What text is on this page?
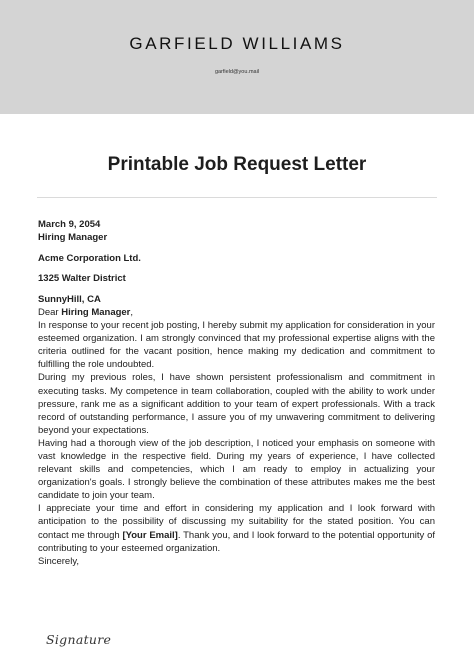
GARFIELD WILLIAMS
garfield@you.mail
Printable Job Request Letter

March 9, 2054

Hiring Manager

Acme Corporation Ltd.

1325 Walter District

SunnyHill, CA

Dear Hiring Manager,

In response to your recent job posting, I hereby submit my application for consideration in your esteemed organization. I am strongly convinced that my professional expertise aligns with the criteria outlined for the vacant position, hence making my dedication and commitment to fulfilling the role undoubted.

During my previous roles, I have shown persistent professionalism and commitment in executing tasks. My competence in team collaboration, coupled with the ability to work under pressure, rank me as a significant addition to your team of expert professionals. With a track record of outstanding performance, I assure you of my unwavering commitment to delivering beyond your expectations.

Having had a thorough view of the job description, I noticed your emphasis on someone with vast knowledge in the respective field. During my years of experience, I have collected relevant skills and competencies, which I am ready to employ in actualizing your organization's goals. I strongly believe the combination of these attributes makes me the best candidate to join your team.

I appreciate your time and effort in considering my application and I look forward with anticipation to the possibility of discussing my suitability for the stated position. You can contact me through [Your Email]. Thank you, and I look forward to the potential opportunity of contributing to your esteemed organization.

Sincerely,

Signature
